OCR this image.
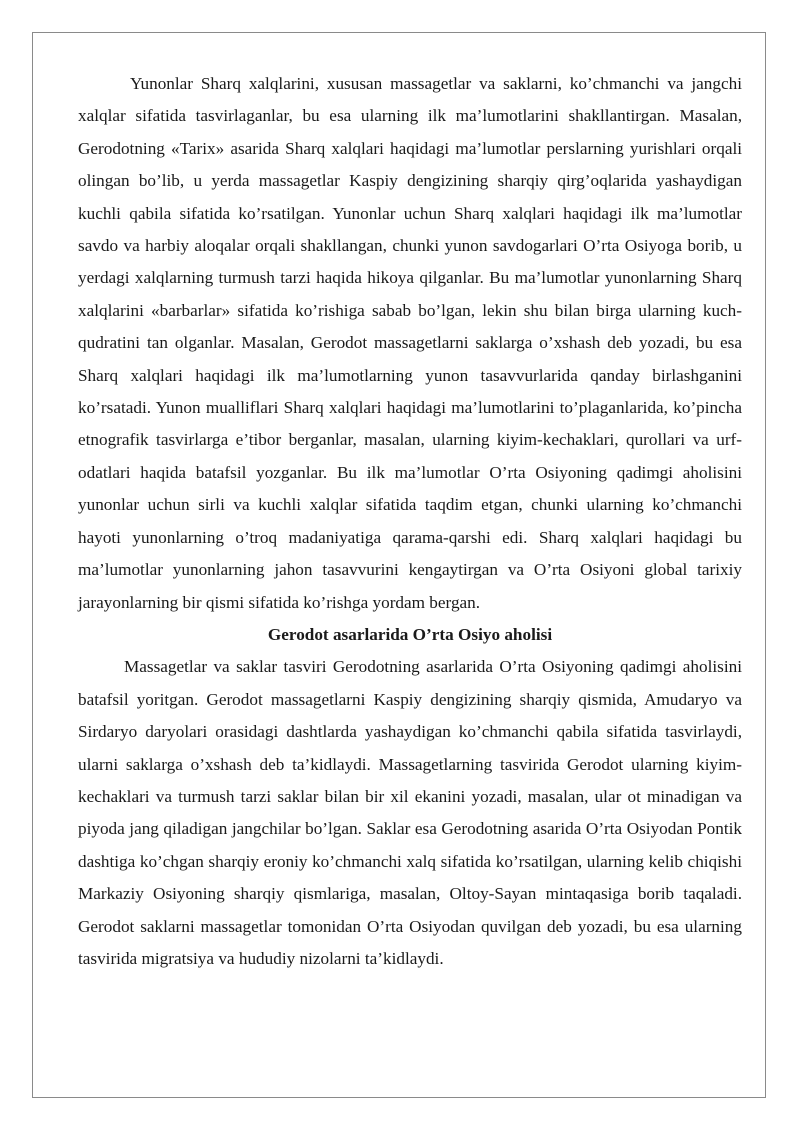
Yunonlar Sharq xalqlarini, xususan massagetlar va saklarni, ko’chmanchi va jangchi xalqlar sifatida tasvirlaganlar, bu esa ularning ilk ma’lumotlarini shakllantirgan. Masalan, Gerodotning «Tarix» asarida Sharq xalqlari haqidagi ma’lumotlar perslarning yurishlari orqali olingan bo’lib, u yerda massagetlar Kaspiy dengizining sharqiy qirg’oqlarida yashaydigan kuchli qabila sifatida ko’rsatilgan. Yunonlar uchun Sharq xalqlari haqidagi ilk ma’lumotlar savdo va harbiy aloqalar orqali shakllangan, chunki yunon savdogarlari O’rta Osiyoga borib, u yerdagi xalqlarning turmush tarzi haqida hikoya qilganlar. Bu ma’lumotlar yunonlarning Sharq xalqlarini «barbarlar» sifatida ko’rishiga sabab bo’lgan, lekin shu bilan birga ularning kuch-qudratini tan olganlar. Masalan, Gerodot massagetlarni saklarga o’xshash deb yozadi, bu esa Sharq xalqlari haqidagi ilk ma’lumotlarning yunon tasavvurlarida qanday birlashganini ko’rsatadi. Yunon mualliflari Sharq xalqlari haqidagi ma’lumotlarini to’plaganlarida, ko’pincha etnografik tasvirlarga e’tibor berganlar, masalan, ularning kiyim-kechaklari, qurollari va urf-odatlari haqida batafsil yozganlar. Bu ilk ma’lumotlar O’rta Osiyoning qadimgi aholisini yunonlar uchun sirli va kuchli xalqlar sifatida taqdim etgan, chunki ularning ko’chmanchi hayoti yunonlarning o’troq madaniyatiga qarama-qarshi edi. Sharq xalqlari haqidagi bu ma’lumotlar yunonlarning jahon tasavvurini kengaytirgan va O’rta Osiyoni global tarixiy jarayonlarning bir qismi sifatida ko’rishga yordam bergan.

Gerodot asarlarida O’rta Osiyo aholisi

Massagetlar va saklar tasviri Gerodotning asarlarida O’rta Osiyoning qadimgi aholisini batafsil yoritgan. Gerodot massagetlarni Kaspiy dengizining sharqiy qismida, Amudaryo va Sirdaryo daryolari orasidagi dashtlarda yashaydigan ko’chmanchi qabila sifatida tasvirlaydi, ularni saklarga o’xshash deb ta’kidlaydi. Massagetlarning tasvirida Gerodot ularning kiyim-kechaklari va turmush tarzi saklar bilan bir xil ekanini yozadi, masalan, ular ot minadigan va piyoda jang qiladigan jangchilar bo’lgan. Saklar esa Gerodotning asarida O’rta Osiyodan Pontik dashtiga ko’chgan sharqiy eroniy ko’chmanchi xalq sifatida ko’rsatilgan, ularning kelib chiqishi Markaziy Osiyoning sharqiy qismlariga, masalan, Oltoy-Sayan mintaqasiga borib taqaladi. Gerodot saklarni massagetlar tomonidan O’rta Osiyodan quvilgan deb yozadi, bu esa ularning tasvirida migratsiya va hududiy nizolarni ta’kidlaydi.
